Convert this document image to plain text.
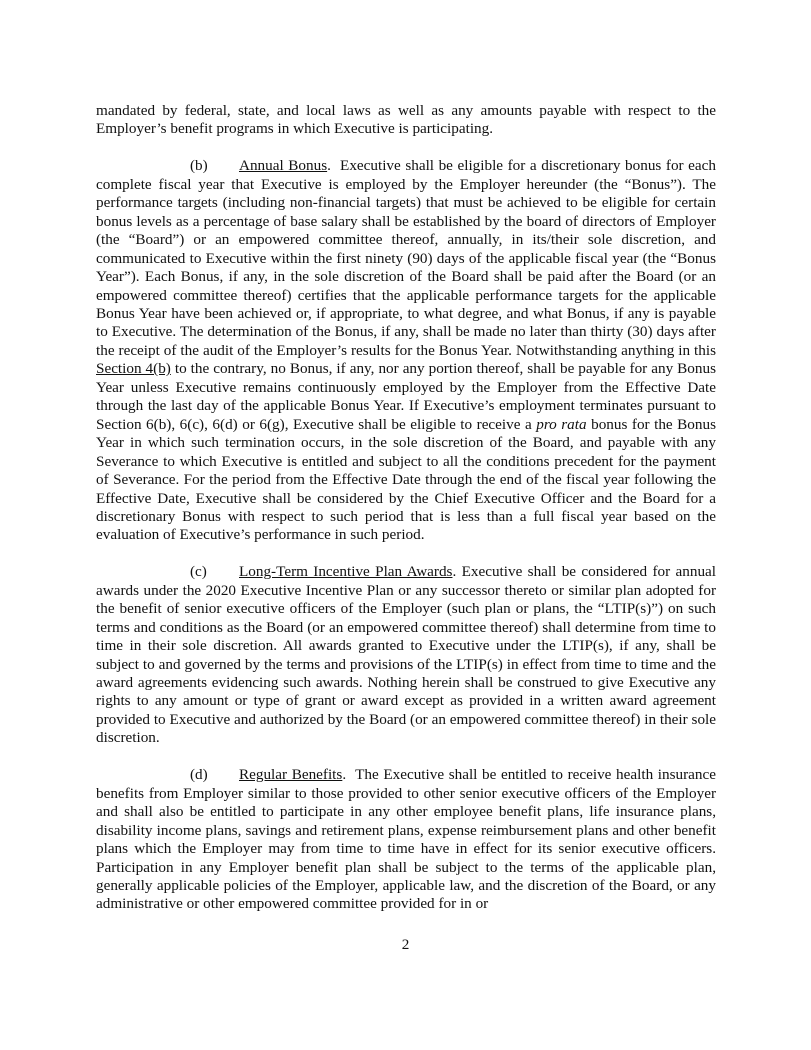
mandated by federal, state, and local laws as well as any amounts payable with respect to the Employer’s benefit programs in which Executive is participating.

(b) Annual Bonus.  Executive shall be eligible for a discretionary bonus for each complete fiscal year that Executive is employed by the Employer hereunder (the “Bonus”). The performance targets (including non-financial targets) that must be achieved to be eligible for certain bonus levels as a percentage of base salary shall be established by the board of directors of Employer (the “Board”) or an empowered committee thereof, annually, in its/their sole discretion, and communicated to Executive within the first ninety (90) days of the applicable fiscal year (the “Bonus Year”). Each Bonus, if any, in the sole discretion of the Board shall be paid after the Board (or an empowered committee thereof) certifies that the applicable performance targets for the applicable Bonus Year have been achieved or, if appropriate, to what degree, and what Bonus, if any is payable to Executive. The determination of the Bonus, if any, shall be made no later than thirty (30) days after the receipt of the audit of the Employer’s results for the Bonus Year. Notwithstanding anything in this Section 4(b) to the contrary, no Bonus, if any, nor any portion thereof, shall be payable for any Bonus Year unless Executive remains continuously employed by the Employer from the Effective Date through the last day of the applicable Bonus Year. If Executive’s employment terminates pursuant to Section 6(b), 6(c), 6(d) or 6(g), Executive shall be eligible to receive a pro rata bonus for the Bonus Year in which such termination occurs, in the sole discretion of the Board, and payable with any Severance to which Executive is entitled and subject to all the conditions precedent for the payment of Severance. For the period from the Effective Date through the end of the fiscal year following the Effective Date, Executive shall be considered by the Chief Executive Officer and the Board for a discretionary Bonus with respect to such period that is less than a full fiscal year based on the evaluation of Executive’s performance in such period.

(c) Long-Term Incentive Plan Awards. Executive shall be considered for annual awards under the 2020 Executive Incentive Plan or any successor thereto or similar plan adopted for the benefit of senior executive officers of the Employer (such plan or plans, the “LTIP(s)”) on such terms and conditions as the Board (or an empowered committee thereof) shall determine from time to time in their sole discretion. All awards granted to Executive under the LTIP(s), if any, shall be subject to and governed by the terms and provisions of the LTIP(s) in effect from time to time and the award agreements evidencing such awards. Nothing herein shall be construed to give Executive any rights to any amount or type of grant or award except as provided in a written award agreement provided to Executive and authorized by the Board (or an empowered committee thereof) in their sole discretion.

(d) Regular Benefits.  The Executive shall be entitled to receive health insurance benefits from Employer similar to those provided to other senior executive officers of the Employer and shall also be entitled to participate in any other employee benefit plans, life insurance plans, disability income plans, savings and retirement plans, expense reimbursement plans and other benefit plans which the Employer may from time to time have in effect for its senior executive officers. Participation in any Employer benefit plan shall be subject to the terms of the applicable plan, generally applicable policies of the Employer, applicable law, and the discretion of the Board, or any administrative or other empowered committee provided for in or

2
